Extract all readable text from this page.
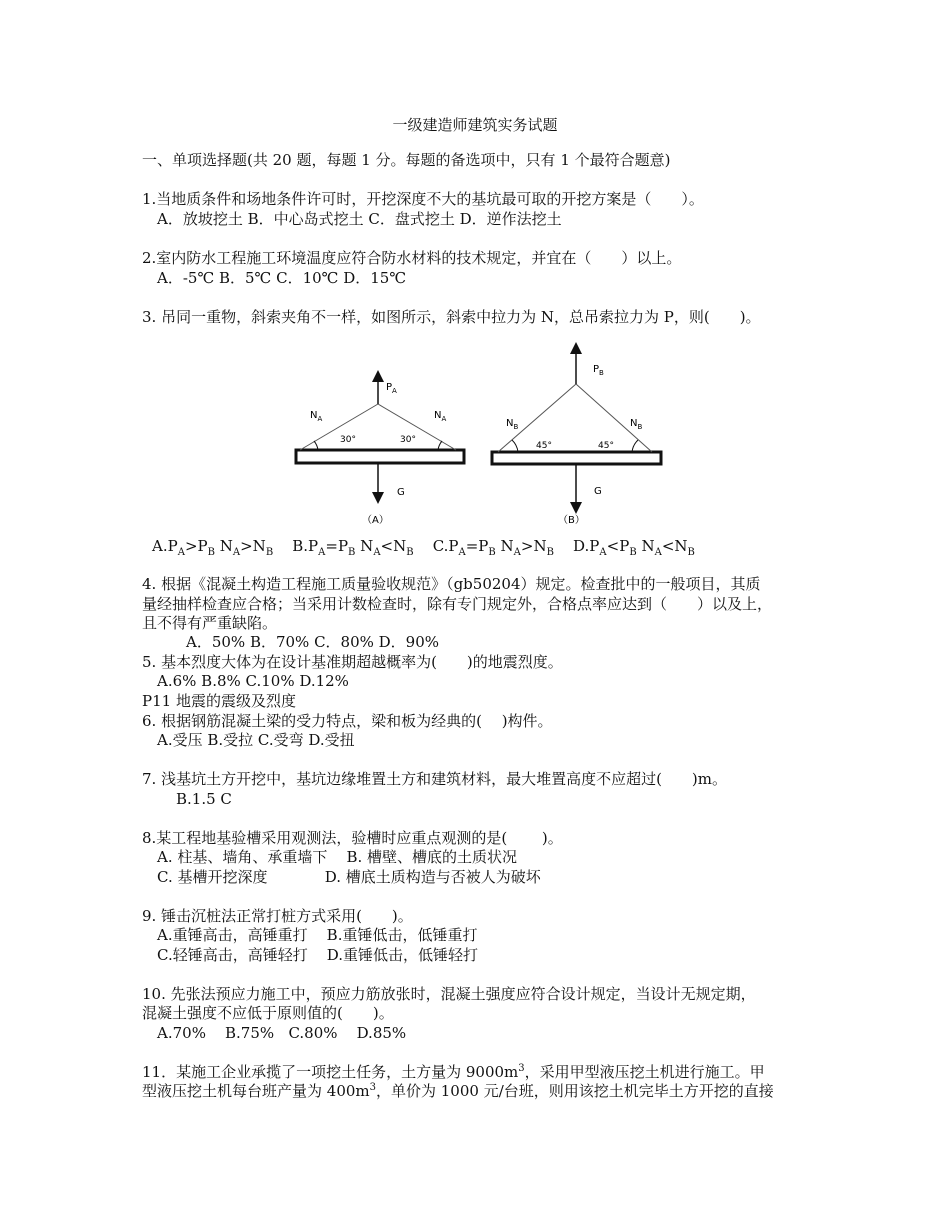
一级建造师建筑实务试题
一、单项选择题(共 20 题，每题 1 分。每题的备选项中，只有 1 个最符合题意)
1.当地质条件和场地条件许可时，开挖深度不大的基坑最可取的开挖方案是（　　）。
A．放坡挖土 B．中心岛式挖土 C．盘式挖土 D．逆作法挖土
2.室内防水工程施工环境温度应符合防水材料的技术规定，并宜在（　　）以上。
A．-5℃ B．5℃ C．10℃ D．15℃
3. 吊同一重物，斜索夹角不一样，如图所示，斜索中拉力为 N，总吊索拉力为 P，则(　　)。
$P_A$
$N_A$	$N_A$
30°	30°
G
（A）
$P_B$
$N_B$	$N_B$
45°	45°
G
（B）
$A.P_A>P_B$ $N_A>N_B$ $B.P_A=P_B$ $N_A<N_B$ $C.P_A=P_B$ $N_A>N_B$ $D.P_A<P_B$ $N_A<N_B$
4. 根据《混凝土构造工程施工质量验收规范》（gb50204）规定。检查批中的一般项目，其质
量经抽样检查应合格；当采用计数检查时，除有专门规定外，合格点率应达到（　　）以及上，
且不得有严重缺陷。
A．50% B．70% C．80% D．90%
5. 基本烈度大体为在设计基准期超越概率为(　　)的地震烈度。
A.6% B.8% C.10% D.12%
P11 地震的震级及烈度
6. 根据钢筋混凝土梁的受力特点，梁和板为经典的(　 )构件。
A.受压 B.受拉 C.受弯 D.受扭
7. 浅基坑土方开挖中，基坑边缘堆置土方和建筑材料，最大堆置高度不应超过(　　)m。
B.1.5 C
8.某工程地基验槽采用观测法，验槽时应重点观测的是(　　 )。
A. 柱基、墙角、承重墙下    B. 槽壁、槽底的土质状况
C. 基槽开挖深度            D. 槽底土质构造与否被人为破坏
9. 锤击沉桩法正常打桩方式采用(　　)。
A.重锤高击，高锤重打    B.重锤低击，低锤重打
C.轻锤高击，高锤轻打    D.重锤低击，低锤轻打
10. 先张法预应力施工中，预应力筋放张时，混凝土强度应符合设计规定，当设计无规定期，
混凝土强度不应低于原则值的(　　)。
A.70%    B.75%   C.80%    D.85%
11．某施工企业承揽了一项挖土任务，土方量为 $9000m^3$，采用甲型液压挖土机进行施工。甲
型液压挖土机每台班产量为 $400m^3$，单价为 1000 元/台班，则用该挖土机完毕土方开挖的直接
